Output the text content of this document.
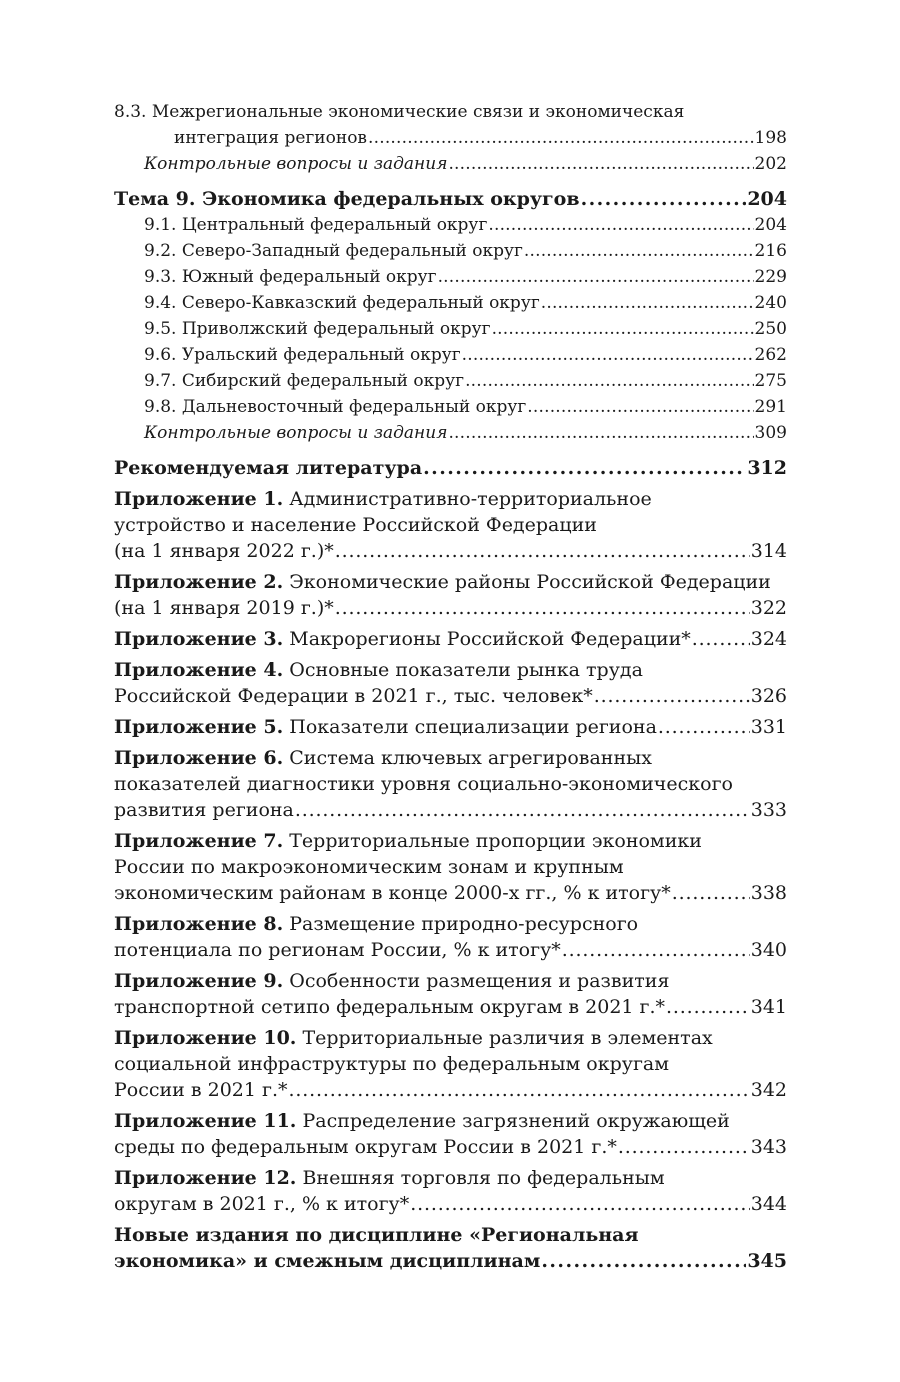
8.3. Межрегиональные экономические связи и экономическая
интеграция регионов . . .	198
Контрольные вопросы и задания . . .	202
Тема 9. Экономика федеральных округов . . .	204
9.1. Центральный федеральный округ . . .	204
9.2. Северо-Западный федеральный округ . . .	216
9.3. Южный федеральный округ . . .	229
9.4. Северо-Кавказский федеральный округ . . .	240
9.5. Приволжский федеральный округ . . .	250
9.6. Уральский федеральный округ . . .	262
9.7. Сибирский федеральный округ . . .	275
9.8. Дальневосточный федеральный округ . . .	291
Контрольные вопросы и задания . . .	309
Рекомендуемая литература . . .	312
Приложение 1. Административно-территориальное
устройство и население Российской Федерации
(на 1 января 2022 г.)* . . .	314
Приложение 2. Экономические районы Российской Федерации
(на 1 января 2019 г.)* . . .	322
Приложение 3. Макрорегионы Российской Федерации* . . .	324
Приложение 4. Основные показатели рынка труда
Российской Федерации в 2021 г., тыс. человек* . . .	326
Приложение 5. Показатели специализации региона . . .	331
Приложение 6. Система ключевых агрегированных
показателей диагностики уровня социально-экономического
развития региона . . .	333
Приложение 7. Территориальные пропорции экономики
России по макроэкономическим зонам и крупным
экономическим районам в конце 2000-х гг., % к итогу* . . .	338
Приложение 8. Размещение природно-ресурсного
потенциала по регионам России, % к итогу* . . .	340
Приложение 9. Особенности размещения и развития
транспортной сетипо федеральным округам в 2021 г.* . . .	341
Приложение 10. Территориальные различия в элементах
социальной инфраструктуры по федеральным округам
России в 2021 г.* . . .	342
Приложение 11. Распределение загрязнений окружающей
среды по федеральным округам России в 2021 г.* . . .	343
Приложение 12. Внешняя торговля по федеральным
округам в 2021 г., % к итогу* . . .	344
Новые издания по дисциплине «Региональная
экономика» и смежным дисциплинам . . .	345
